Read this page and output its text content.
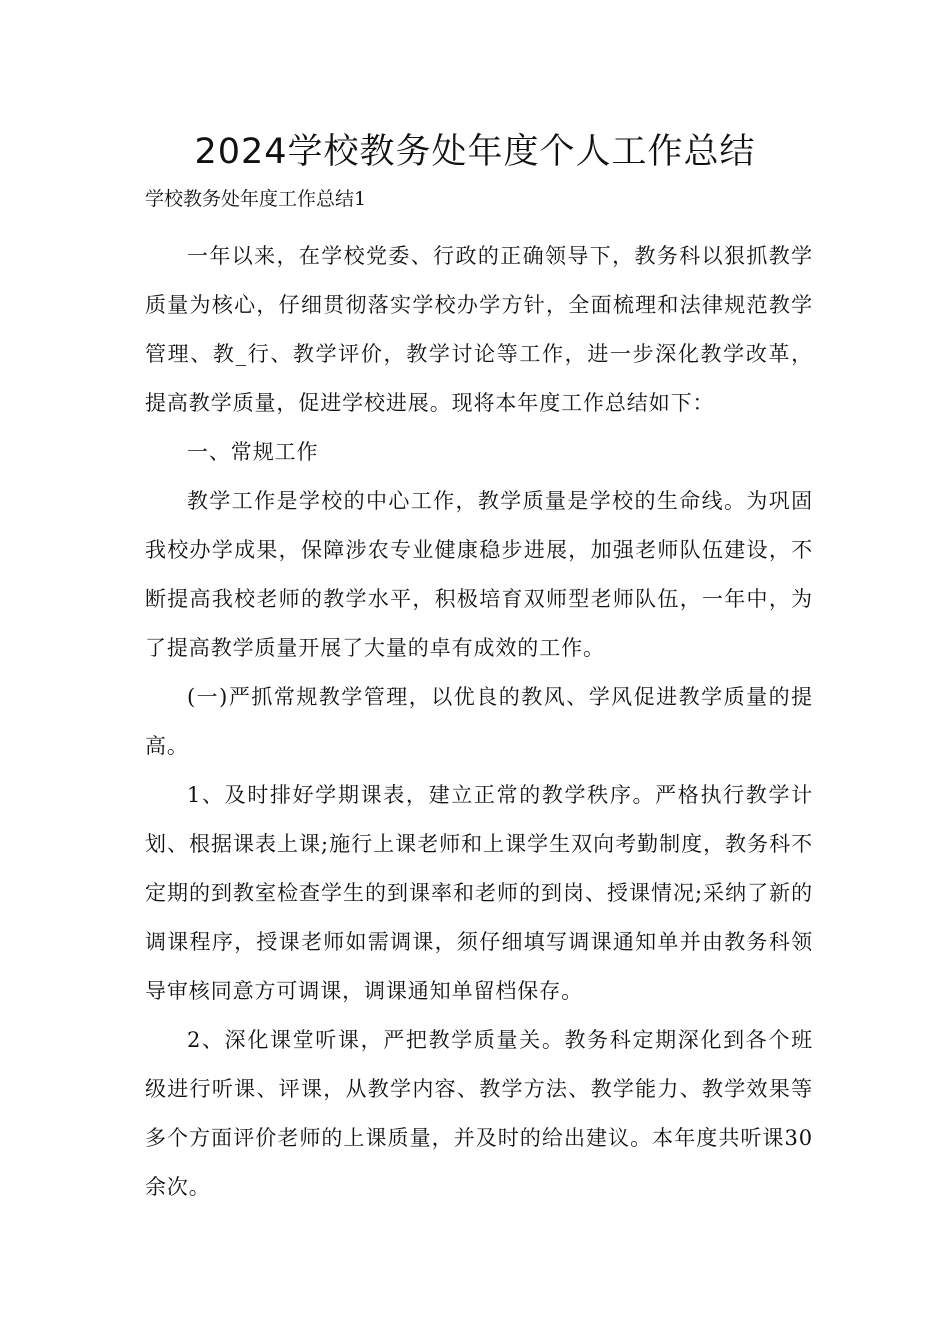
2024学校教务处年度个人工作总结

学校教务处年度工作总结1

一年以来，在学校党委、行政的正确领导下，教务科以狠抓教学质量为核心，仔细贯彻落实学校办学方针，全面梳理和法律规范教学管理、教_行、教学评价，教学讨论等工作，进一步深化教学改革，提高教学质量，促进学校进展。现将本年度工作总结如下：

一、常规工作

教学工作是学校的中心工作，教学质量是学校的生命线。为巩固我校办学成果，保障涉农专业健康稳步进展，加强老师队伍建设，不断提高我校老师的教学水平，积极培育双师型老师队伍，一年中，为了提高教学质量开展了大量的卓有成效的工作。

(一)严抓常规教学管理，以优良的教风、学风促进教学质量的提高。

1、及时排好学期课表，建立正常的教学秩序。严格执行教学计划、根据课表上课;施行上课老师和上课学生双向考勤制度，教务科不定期的到教室检查学生的到课率和老师的到岗、授课情况;采纳了新的调课程序，授课老师如需调课，须仔细填写调课通知单并由教务科领导审核同意方可调课，调课通知单留档保存。

2、深化课堂听课，严把教学质量关。教务科定期深化到各个班级进行听课、评课，从教学内容、教学方法、教学能力、教学效果等多个方面评价老师的上课质量，并及时的给出建议。本年度共听课30余次。
